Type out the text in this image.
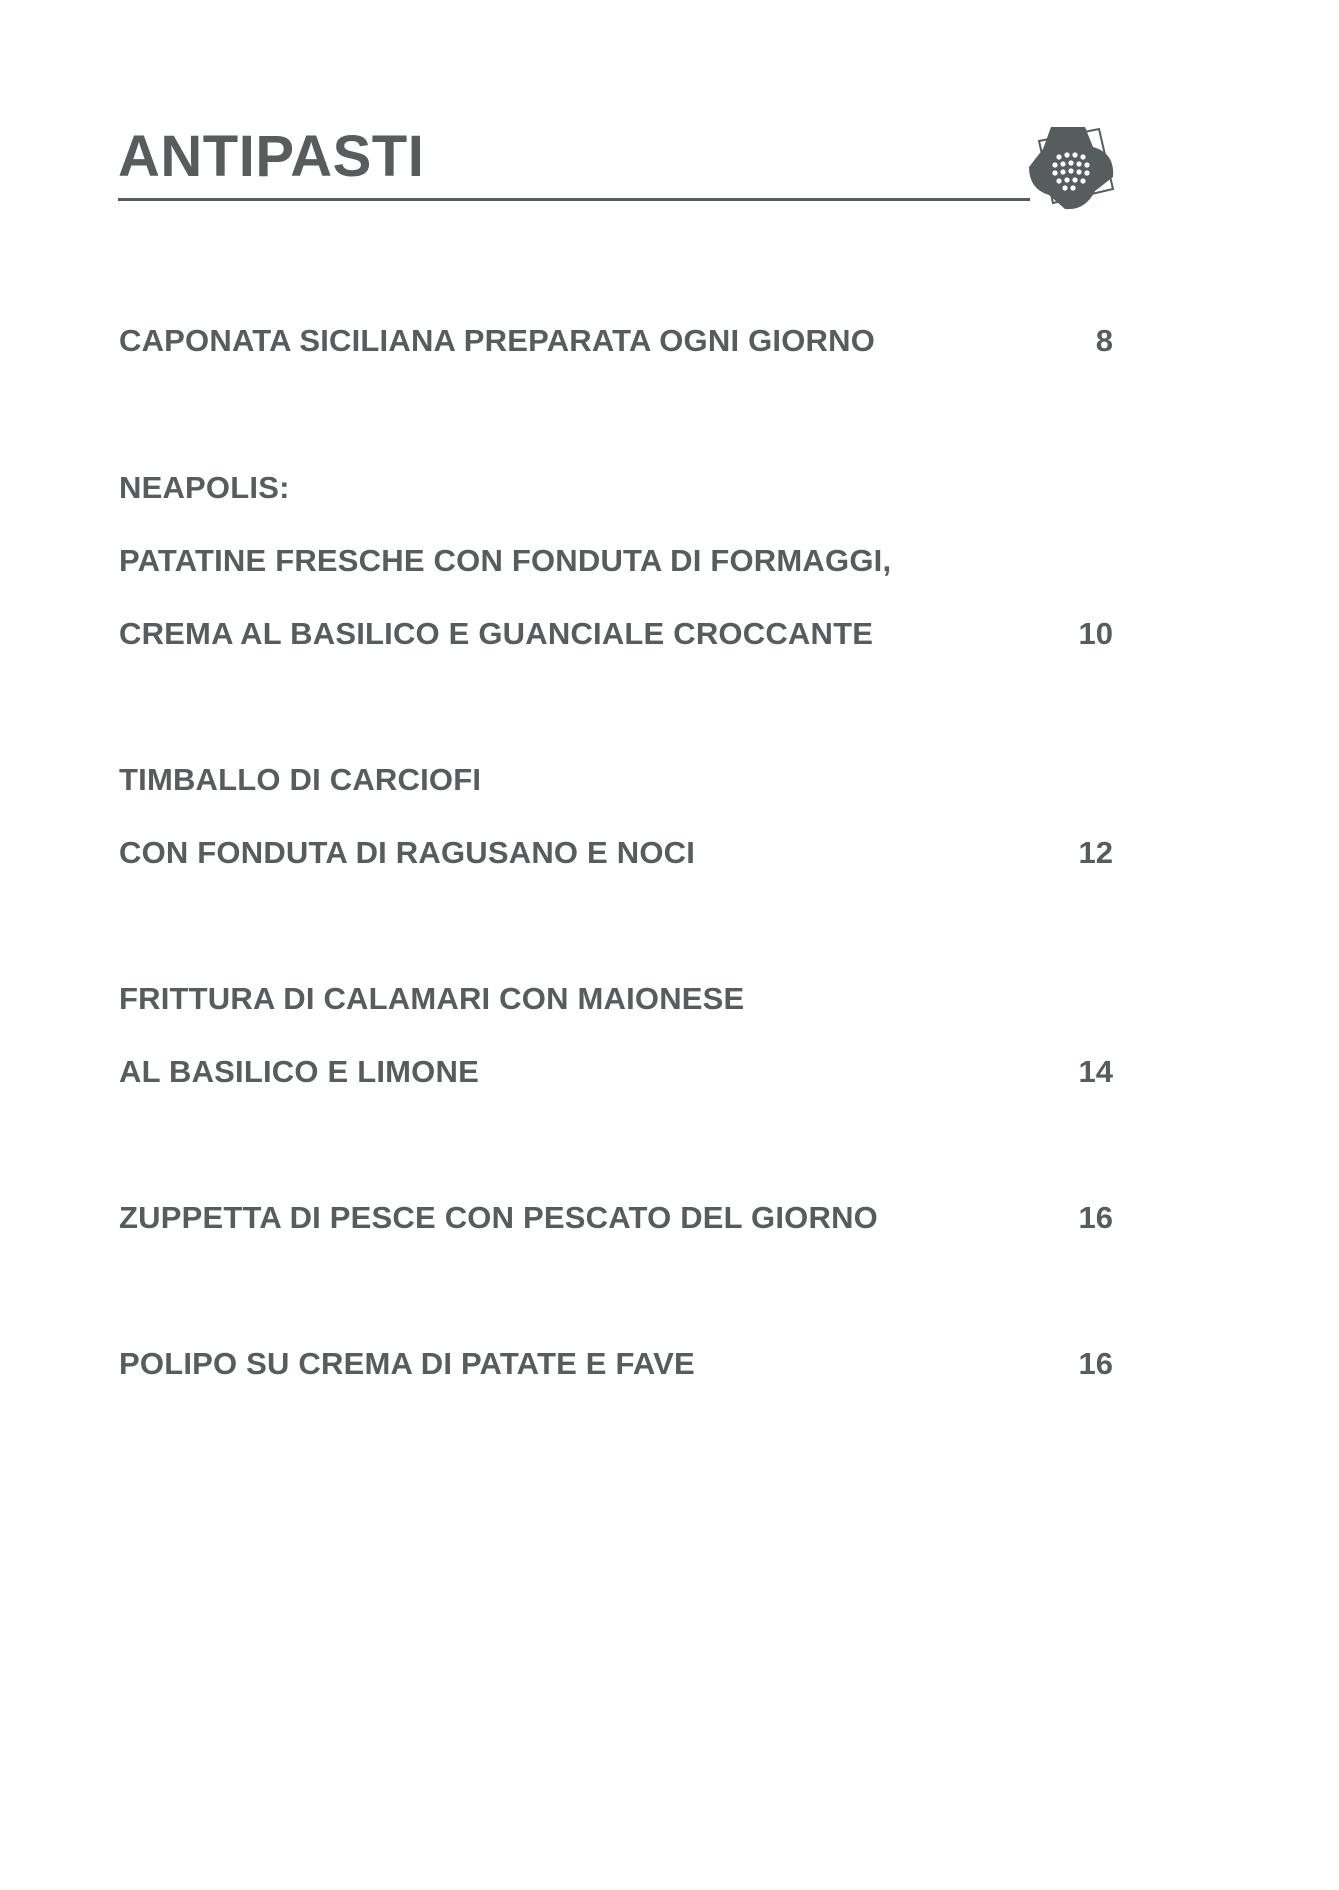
ANTIPASTI
CAPONATA SICILIANA PREPARATA OGNI GIORNO	8
NEAPOLIS:
PATATINE FRESCHE CON FONDUTA DI FORMAGGI,
CREMA AL BASILICO E GUANCIALE CROCCANTE	10
TIMBALLO DI CARCIOFI
CON FONDUTA DI RAGUSANO E NOCI	12
FRITTURA DI CALAMARI CON MAIONESE
AL BASILICO E LIMONE	14
ZUPPETTA DI PESCE CON PESCATO DEL GIORNO	16
POLIPO SU CREMA DI PATATE E FAVE	16
